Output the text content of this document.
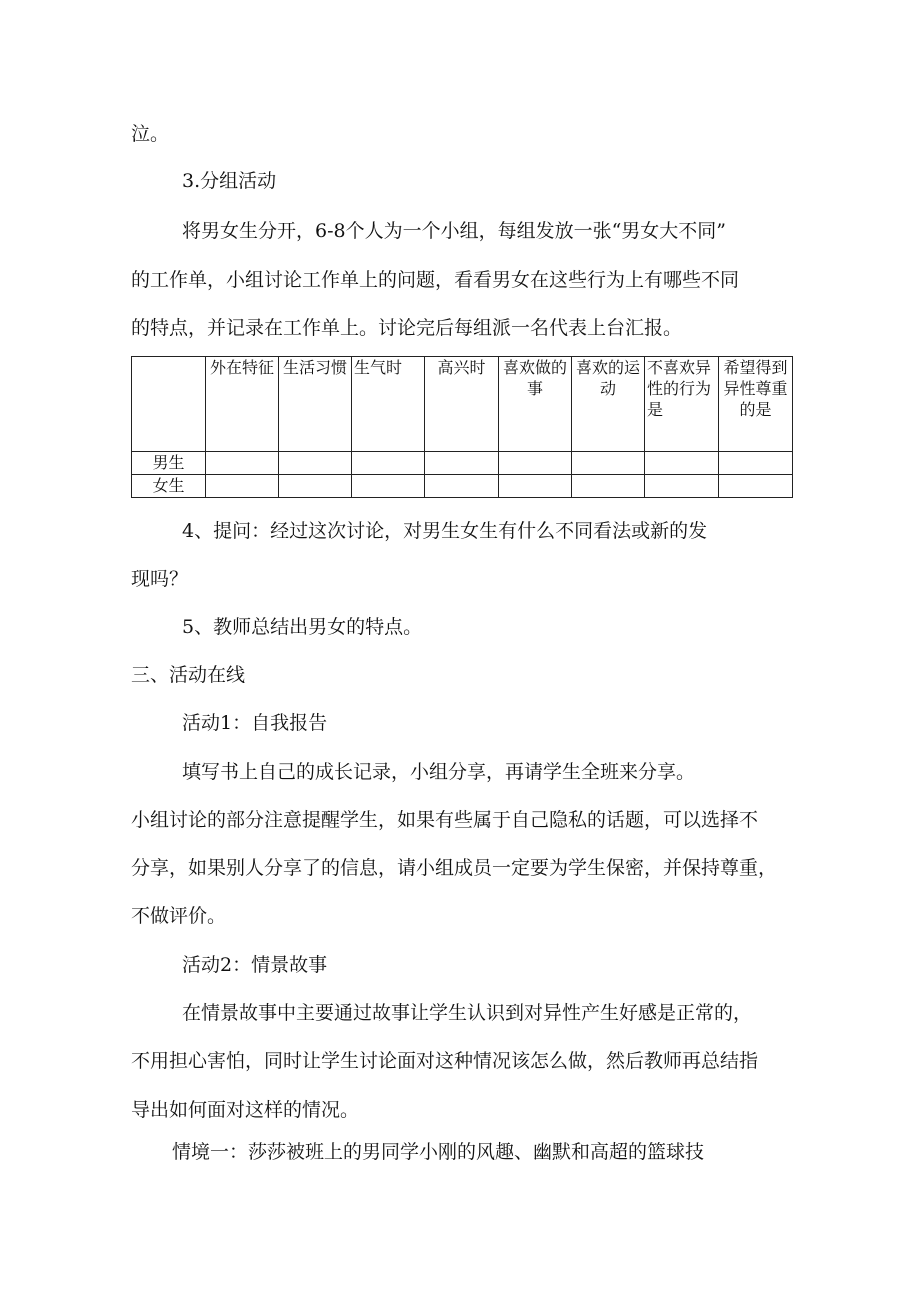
泣。
3.分组活动
将男女生分开，6-8个人为一个小组，每组发放一张“男女大不同”
的工作单，小组讨论工作单上的问题，看看男女在这些行为上有哪些不同
的特点，并记录在工作单上。讨论完后每组派一名代表上台汇报。

	外在特征	生活习惯	生气时	高兴时	喜欢做的事	喜欢的运动	不喜欢异性的行为是	希望得到异性尊重的是

男生								
女生								
4、提问：经过这次讨论，对男生女生有什么不同看法或新的发
现吗？
5、教师总结出男女的特点。
三、活动在线
活动1：自我报告
填写书上自己的成长记录，小组分享，再请学生全班来分享。
小组讨论的部分注意提醒学生，如果有些属于自己隐私的话题，可以选择不
分享，如果别人分享了的信息，请小组成员一定要为学生保密，并保持尊重，
不做评价。
活动2：情景故事
在情景故事中主要通过故事让学生认识到对异性产生好感是正常的，
不用担心害怕，同时让学生讨论面对这种情况该怎么做，然后教师再总结指
导出如何面对这样的情况。
情境一：莎莎被班上的男同学小刚的风趣、幽默和高超的篮球技
